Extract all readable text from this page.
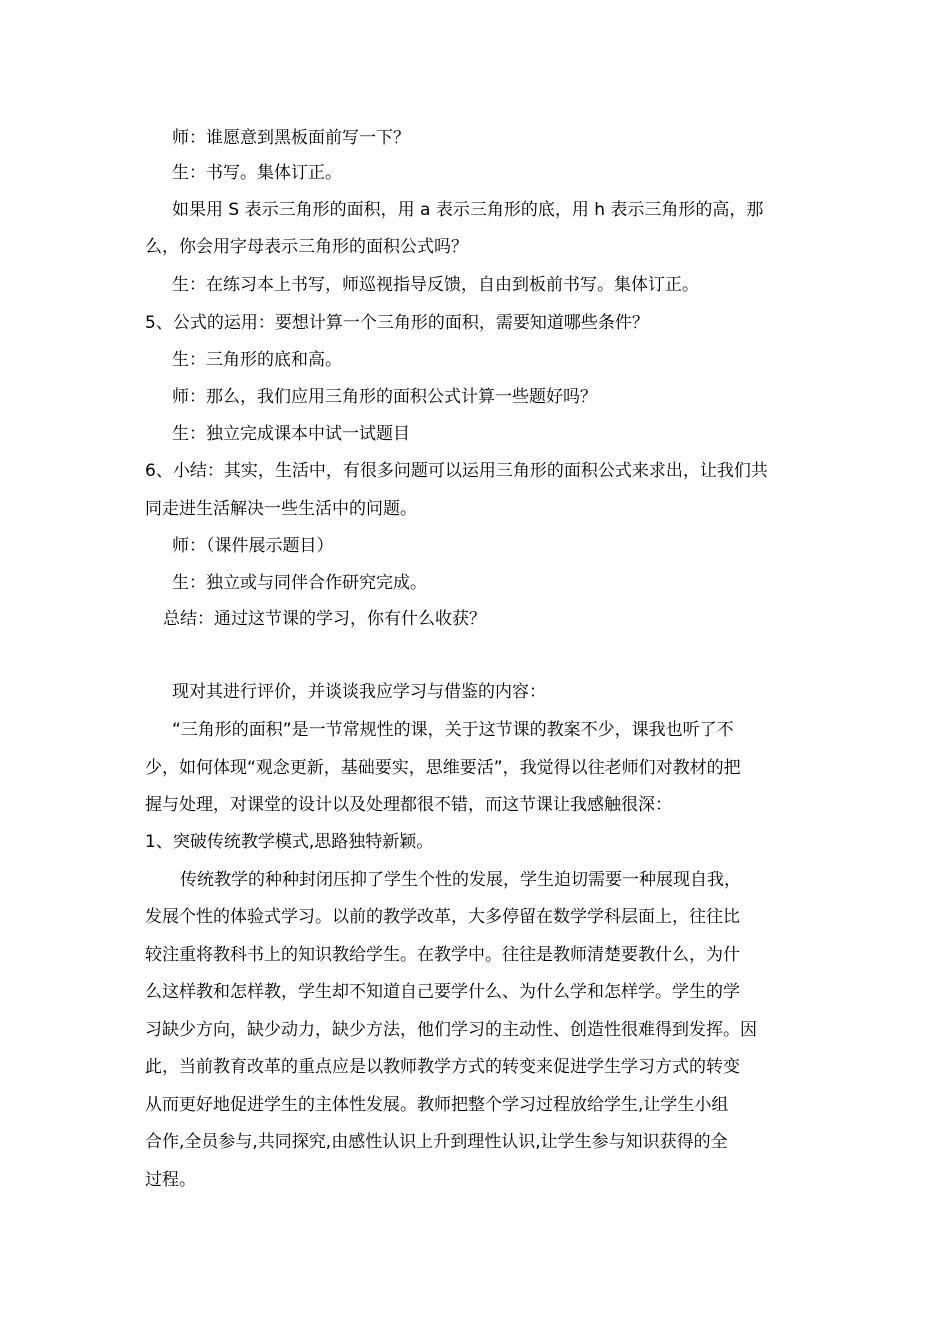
师：谁愿意到黑板面前写一下？
生：书写。集体订正。
如果用 S 表示三角形的面积，用 a 表示三角形的底，用 h 表示三角形的高，那
么，你会用字母表示三角形的面积公式吗？
生：在练习本上书写，师巡视指导反馈，自由到板前书写。集体订正。
5、公式的运用：要想计算一个三角形的面积，需要知道哪些条件？
生：三角形的底和高。
师：那么，我们应用三角形的面积公式计算一些题好吗？
生：独立完成课本中试一试题目
6、小结：其实，生活中，有很多问题可以运用三角形的面积公式来求出，让我们共
同走进生活解决一些生活中的问题。
师：（课件展示题目）
生：独立或与同伴合作研究完成。
总结：通过这节课的学习，你有什么收获？
现对其进行评价，并谈谈我应学习与借鉴的内容：
“三角形的面积”是一节常规性的课，关于这节课的教案不少，课我也听了不
少，如何体现“观念更新，基础要实，思维要活”，我觉得以往老师们对教材的把
握与处理，对课堂的设计以及处理都很不错，而这节课让我感触很深：
1、突破传统教学模式,思路独特新颖。
传统教学的种种封闭压抑了学生个性的发展，学生迫切需要一种展现自我，
发展个性的体验式学习。以前的教学改革，大多停留在数学学科层面上，往往比
较注重将教科书上的知识教给学生。在教学中。往往是教师清楚要教什么，为什
么这样教和怎样教，学生却不知道自己要学什么、为什么学和怎样学。学生的学
习缺少方向，缺少动力，缺少方法，他们学习的主动性、创造性很难得到发挥。因
此，当前教育改革的重点应是以教师教学方式的转变来促进学生学习方式的转变
从而更好地促进学生的主体性发展。教师把整个学习过程放给学生,让学生小组
合作,全员参与,共同探究,由感性认识上升到理性认识,让学生参与知识获得的全
过程。
